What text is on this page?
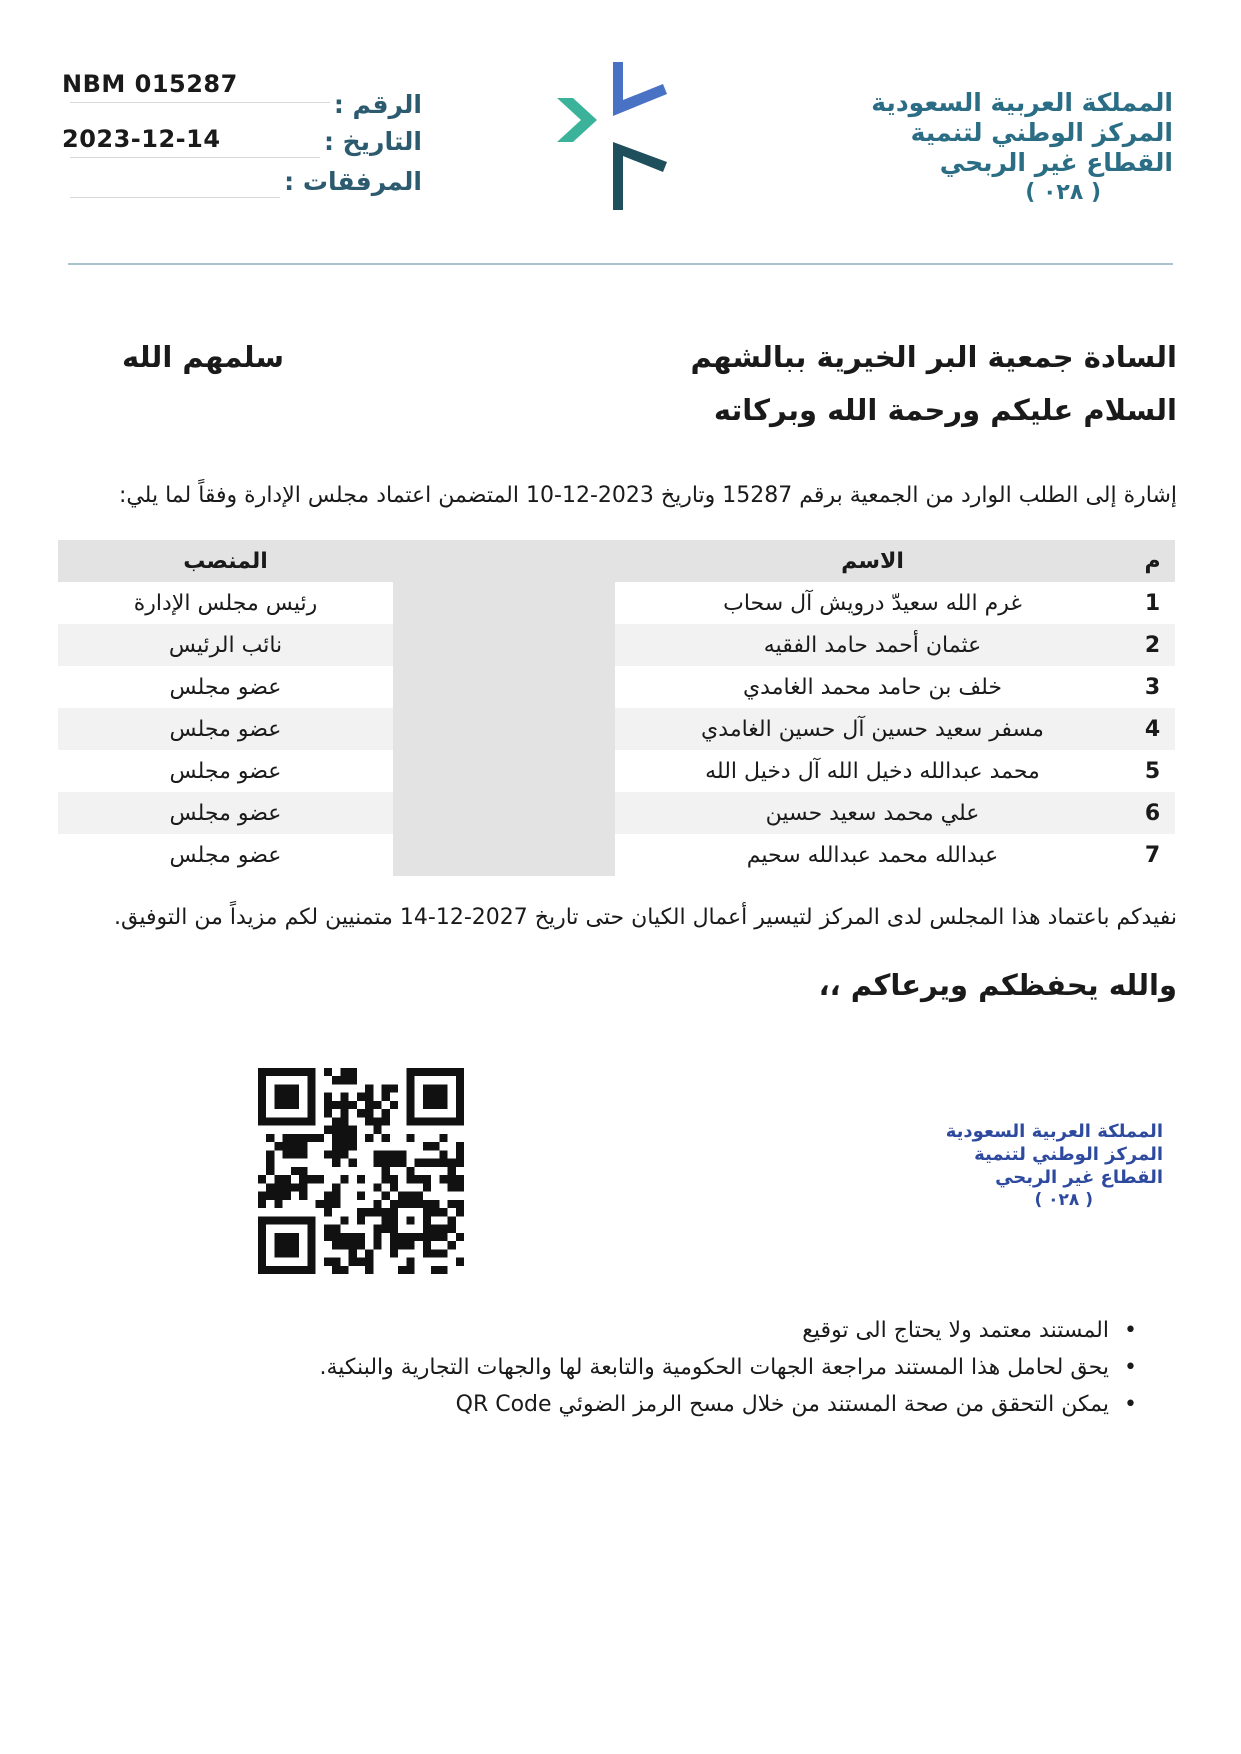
NBM 015287
الرقم :
2023-12-14	التاريخ :
المرفقات :
المملكة العربية السعودية
المركز الوطني لتنمية
القطاع غير الربحي
( ٠٢٨ )
السادة جمعية البر الخيرية ببالشهم
السلام عليكم ورحمة الله وبركاته
سلمهم الله
إشارة إلى الطلب الوارد من الجمعية برقم 15287 وتاريخ 2023-12-10 المتضمن اعتماد مجلس الإدارة وفقاً لما يلي:
م	الاسم		المنصب
1	غرم الله سعيدّ درويش آل سحاب		رئيس مجلس الإدارة
2	عثمان أحمد حامد الفقيه		نائب الرئيس
3	خلف بن حامد محمد الغامدي		عضو مجلس
4	مسفر سعيد حسين آل حسين الغامدي		عضو مجلس
5	محمد عبدالله دخيل الله آل دخيل الله		عضو مجلس
6	علي محمد سعيد حسين		عضو مجلس
7	عبدالله محمد عبدالله سحيم		عضو مجلس
نفيدكم باعتماد هذا المجلس لدى المركز لتيسير أعمال الكيان حتى تاريخ 2027-12-14 متمنيين لكم مزيداً من التوفيق.
والله يحفظكم ويرعاكم ،،
المملكة العربية السعودية
المركز الوطني لتنمية
القطاع غير الربحي
( ٠٢٨ )
•
المستند معتمد ولا يحتاج الى توقيع
•
يحق لحامل هذا المستند مراجعة الجهات الحكومية والتابعة لها والجهات التجارية والبنكية.
•
يمكن التحقق من صحة المستند من خلال مسح الرمز الضوئي QR Code
